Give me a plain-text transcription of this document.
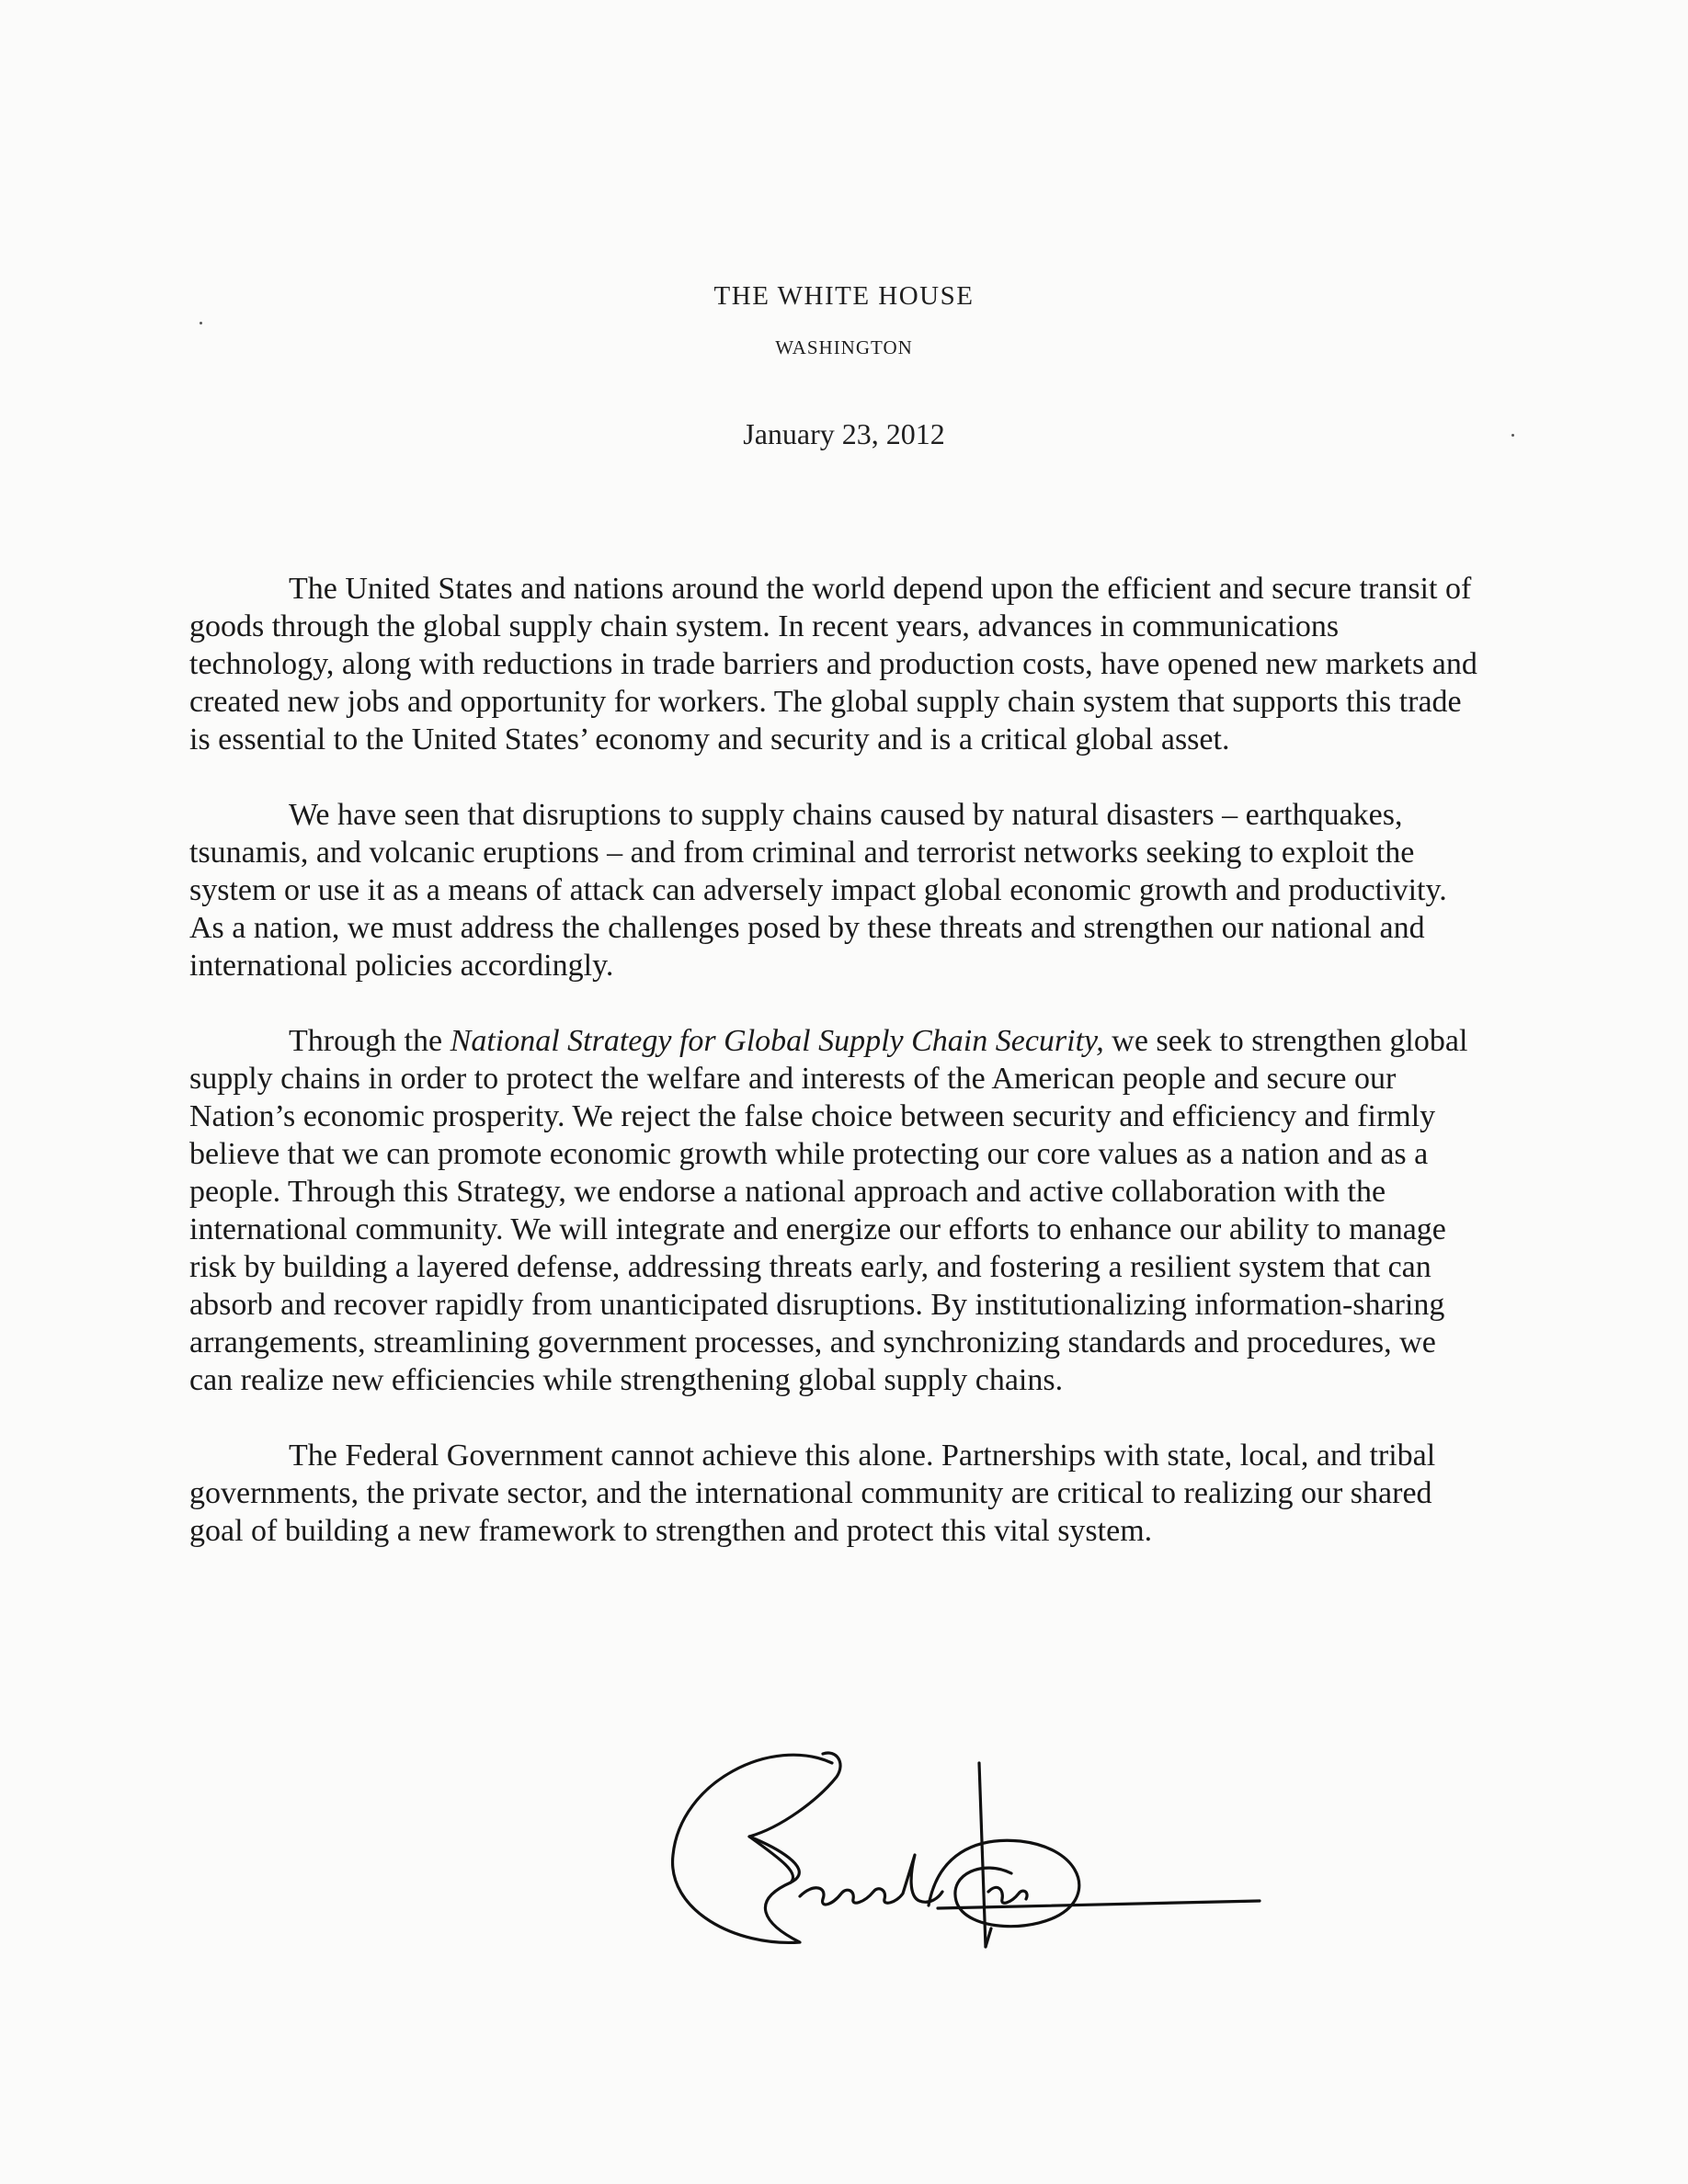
THE WHITE HOUSE
WASHINGTON
January 23, 2012

The United States and nations around the world depend upon the efficient and secure transit of goods through the global supply chain system. In recent years, advances in communications technology, along with reductions in trade barriers and production costs, have opened new markets and created new jobs and opportunity for workers. The global supply chain system that supports this trade is essential to the United States’ economy and security and is a critical global asset.

We have seen that disruptions to supply chains caused by natural disasters – earthquakes, tsunamis, and volcanic eruptions – and from criminal and terrorist networks seeking to exploit the system or use it as a means of attack can adversely impact global economic growth and productivity. As a nation, we must address the challenges posed by these threats and strengthen our national and international policies accordingly.

Through the National Strategy for Global Supply Chain Security, we seek to strengthen global supply chains in order to protect the welfare and interests of the American people and secure our Nation’s economic prosperity. We reject the false choice between security and efficiency and firmly believe that we can promote economic growth while protecting our core values as a nation and as a people. Through this Strategy, we endorse a national approach and active collaboration with the international community. We will integrate and energize our efforts to enhance our ability to manage risk by building a layered defense, addressing threats early, and fostering a resilient system that can absorb and recover rapidly from unanticipated disruptions. By institutionalizing information-sharing arrangements, streamlining government processes, and synchronizing standards and procedures, we can realize new efficiencies while strengthening global supply chains.

The Federal Government cannot achieve this alone. Partnerships with state, local, and tribal governments, the private sector, and the international community are critical to realizing our shared goal of building a new framework to strengthen and protect this vital system.
